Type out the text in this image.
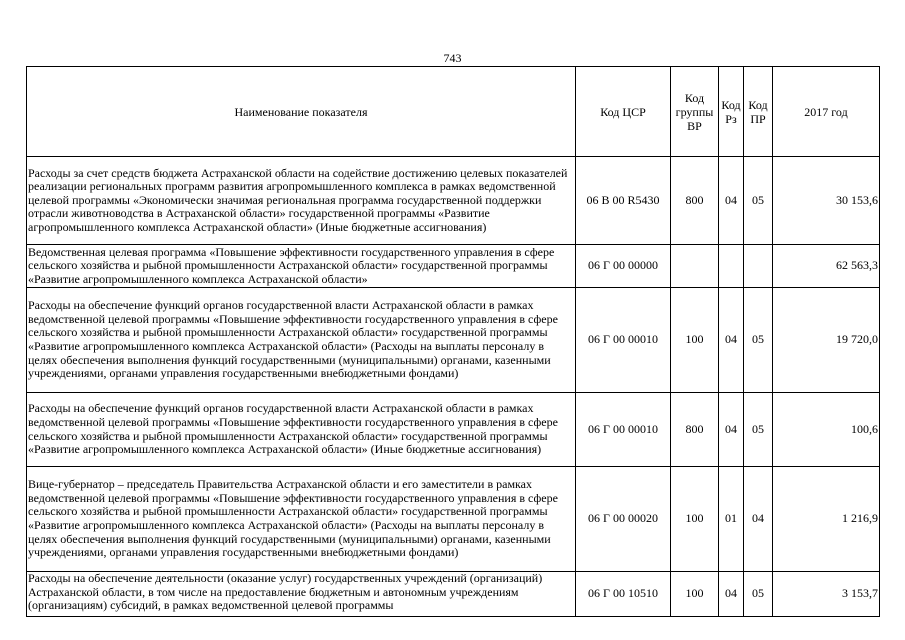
743
Наименование показателя	Код ЦСР	Код группы ВР	Код Рз	Код ПР	2017 год
Расходы за счет средств бюджета Астраханской области на содействие достижению целевых показателей реализации региональных программ развития агропромышленного комплекса в рамках ведомственной целевой программы «Экономически значимая региональная программа государственной поддержки отрасли животноводства в Астраханской области» государственной программы «Развитие агропромышленного комплекса Астраханской области» (Иные бюджетные ассигнования)	06 В 00 R5430	800	04	05	30 153,6
Ведомственная целевая программа «Повышение эффективности государственного управления в сфере сельского хозяйства и рыбной промышленности Астраханской области» государственной программы «Развитие агропромышленного комплекса Астраханской области»	06 Г 00 00000				62 563,3
Расходы на обеспечение функций органов государственной власти Астраханской области в рамках ведомственной целевой программы «Повышение эффективности государственного управления в сфере сельского хозяйства и рыбной промышленности Астраханской области» государственной программы «Развитие агропромышленного комплекса Астраханской области» (Расходы на выплаты персоналу в целях обеспечения выполнения функций государственными (муниципальными) органами, казенными учреждениями, органами управления государственными внебюджетными фондами)	06 Г 00 00010	100	04	05	19 720,0
Расходы на обеспечение функций органов государственной власти Астраханской области в рамках ведомственной целевой программы «Повышение эффективности государственного управления в сфере сельского хозяйства и рыбной промышленности Астраханской области» государственной программы «Развитие агропромышленного комплекса Астраханской области» (Иные бюджетные ассигнования)	06 Г 00 00010	800	04	05	100,6
Вице-губернатор – председатель Правительства Астраханской области и его заместители в рамках ведомственной целевой программы «Повышение эффективности государственного управления в сфере сельского хозяйства и рыбной промышленности Астраханской области» государственной программы «Развитие агропромышленного комплекса Астраханской области» (Расходы на выплаты персоналу в целях обеспечения выполнения функций государственными (муниципальными) органами, казенными учреждениями, органами управления государственными внебюджетными фондами)	06 Г 00 00020	100	01	04	1 216,9
Расходы на обеспечение деятельности (оказание услуг) государственных учреждений (организаций) Астраханской области, в том числе на предоставление бюджетным и автономным учреждениям (организациям) субсидий, в рамках ведомственной целевой программы	06 Г 00 10510	100	04	05	3 153,7
